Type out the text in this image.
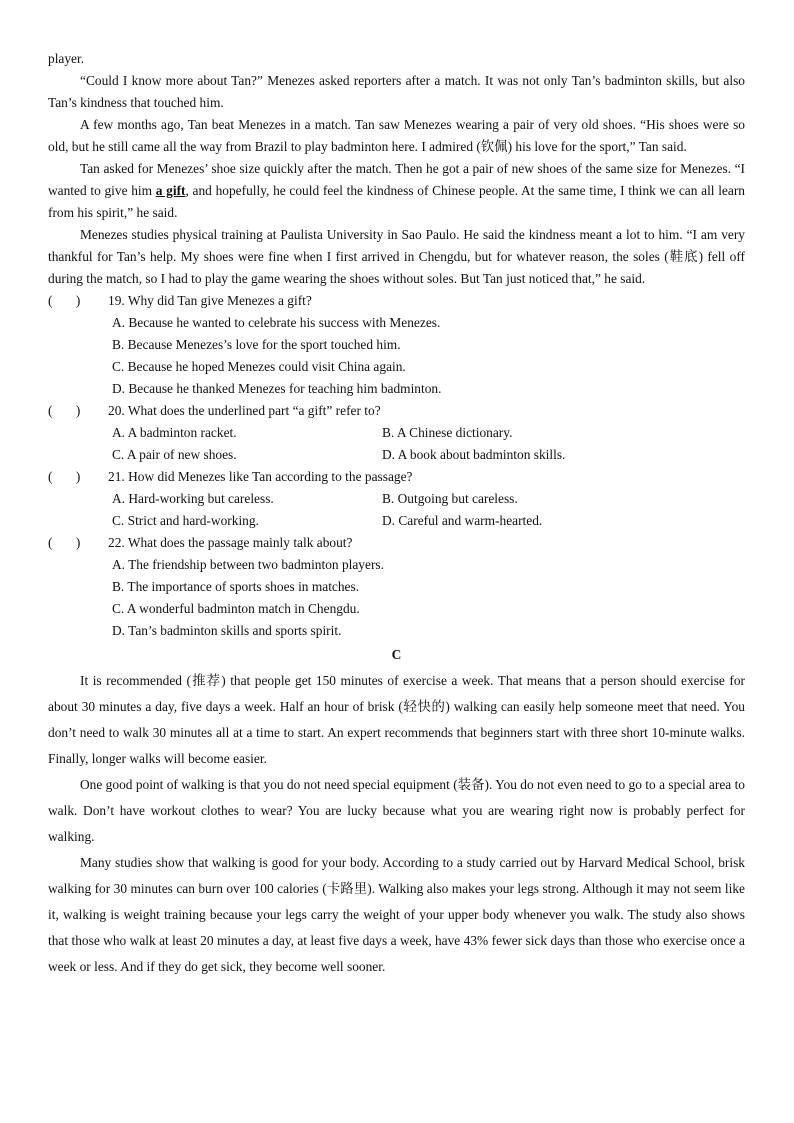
player.

“Could I know more about Tan?” Menezes asked reporters after a match. It was not only Tan’s badminton skills, but also Tan’s kindness that touched him.

A few months ago, Tan beat Menezes in a match. Tan saw Menezes wearing a pair of very old shoes. “His shoes were so old, but he still came all the way from Brazil to play badminton here. I admired (钦佩) his love for the sport,” Tan said.

Tan asked for Menezes’ shoe size quickly after the match. Then he got a pair of new shoes of the same size for Menezes. “I wanted to give him a gift, and hopefully, he could feel the kindness of Chinese people. At the same time, I think we can all learn from his spirit,” he said.

Menezes studies physical training at Paulista University in Sao Paulo. He said the kindness meant a lot to him. “I am very thankful for Tan’s help. My shoes were fine when I first arrived in Chengdu, but for whatever reason, the soles (鞋底) fell off during the match, so I had to play the game wearing the shoes without soles. But Tan just noticed that,” he said.

(       )	19. Why did Tan give Menezes a gift?
A. Because he wanted to celebrate his success with Menezes.
B. Because Menezes’s love for the sport touched him.
C. Because he hoped Menezes could visit China again.
D. Because he thanked Menezes for teaching him badminton.
(       )	20. What does the underlined part “a gift” refer to?
A. A badminton racket.	B. A Chinese dictionary.
C. A pair of new shoes.	D. A book about badminton skills.
(       )	21. How did Menezes like Tan according to the passage?
A. Hard-working but careless.	B. Outgoing but careless.
C. Strict and hard-working.	D. Careful and warm-hearted.
(       )	22. What does the passage mainly talk about?
A. The friendship between two badminton players.
B. The importance of sports shoes in matches.
C. A wonderful badminton match in Chengdu.
D. Tan’s badminton skills and sports spirit.

C

It is recommended (推荐) that people get 150 minutes of exercise a week. That means that a person should exercise for about 30 minutes a day, five days a week. Half an hour of brisk (轻快的) walking can easily help someone meet that need. You don’t need to walk 30 minutes all at a time to start. An expert recommends that beginners start with three short 10-minute walks. Finally, longer walks will become easier.

One good point of walking is that you do not need special equipment (装备). You do not even need to go to a special area to walk. Don’t have workout clothes to wear? You are lucky because what you are wearing right now is probably perfect for walking.

Many studies show that walking is good for your body. According to a study carried out by Harvard Medical School, brisk walking for 30 minutes can burn over 100 calories (卡路里). Walking also makes your legs strong. Although it may not seem like it, walking is weight training because your legs carry the weight of your upper body whenever you walk. The study also shows that those who walk at least 20 minutes a day, at least five days a week, have 43% fewer sick days than those who exercise once a week or less. And if they do get sick, they become well sooner.
